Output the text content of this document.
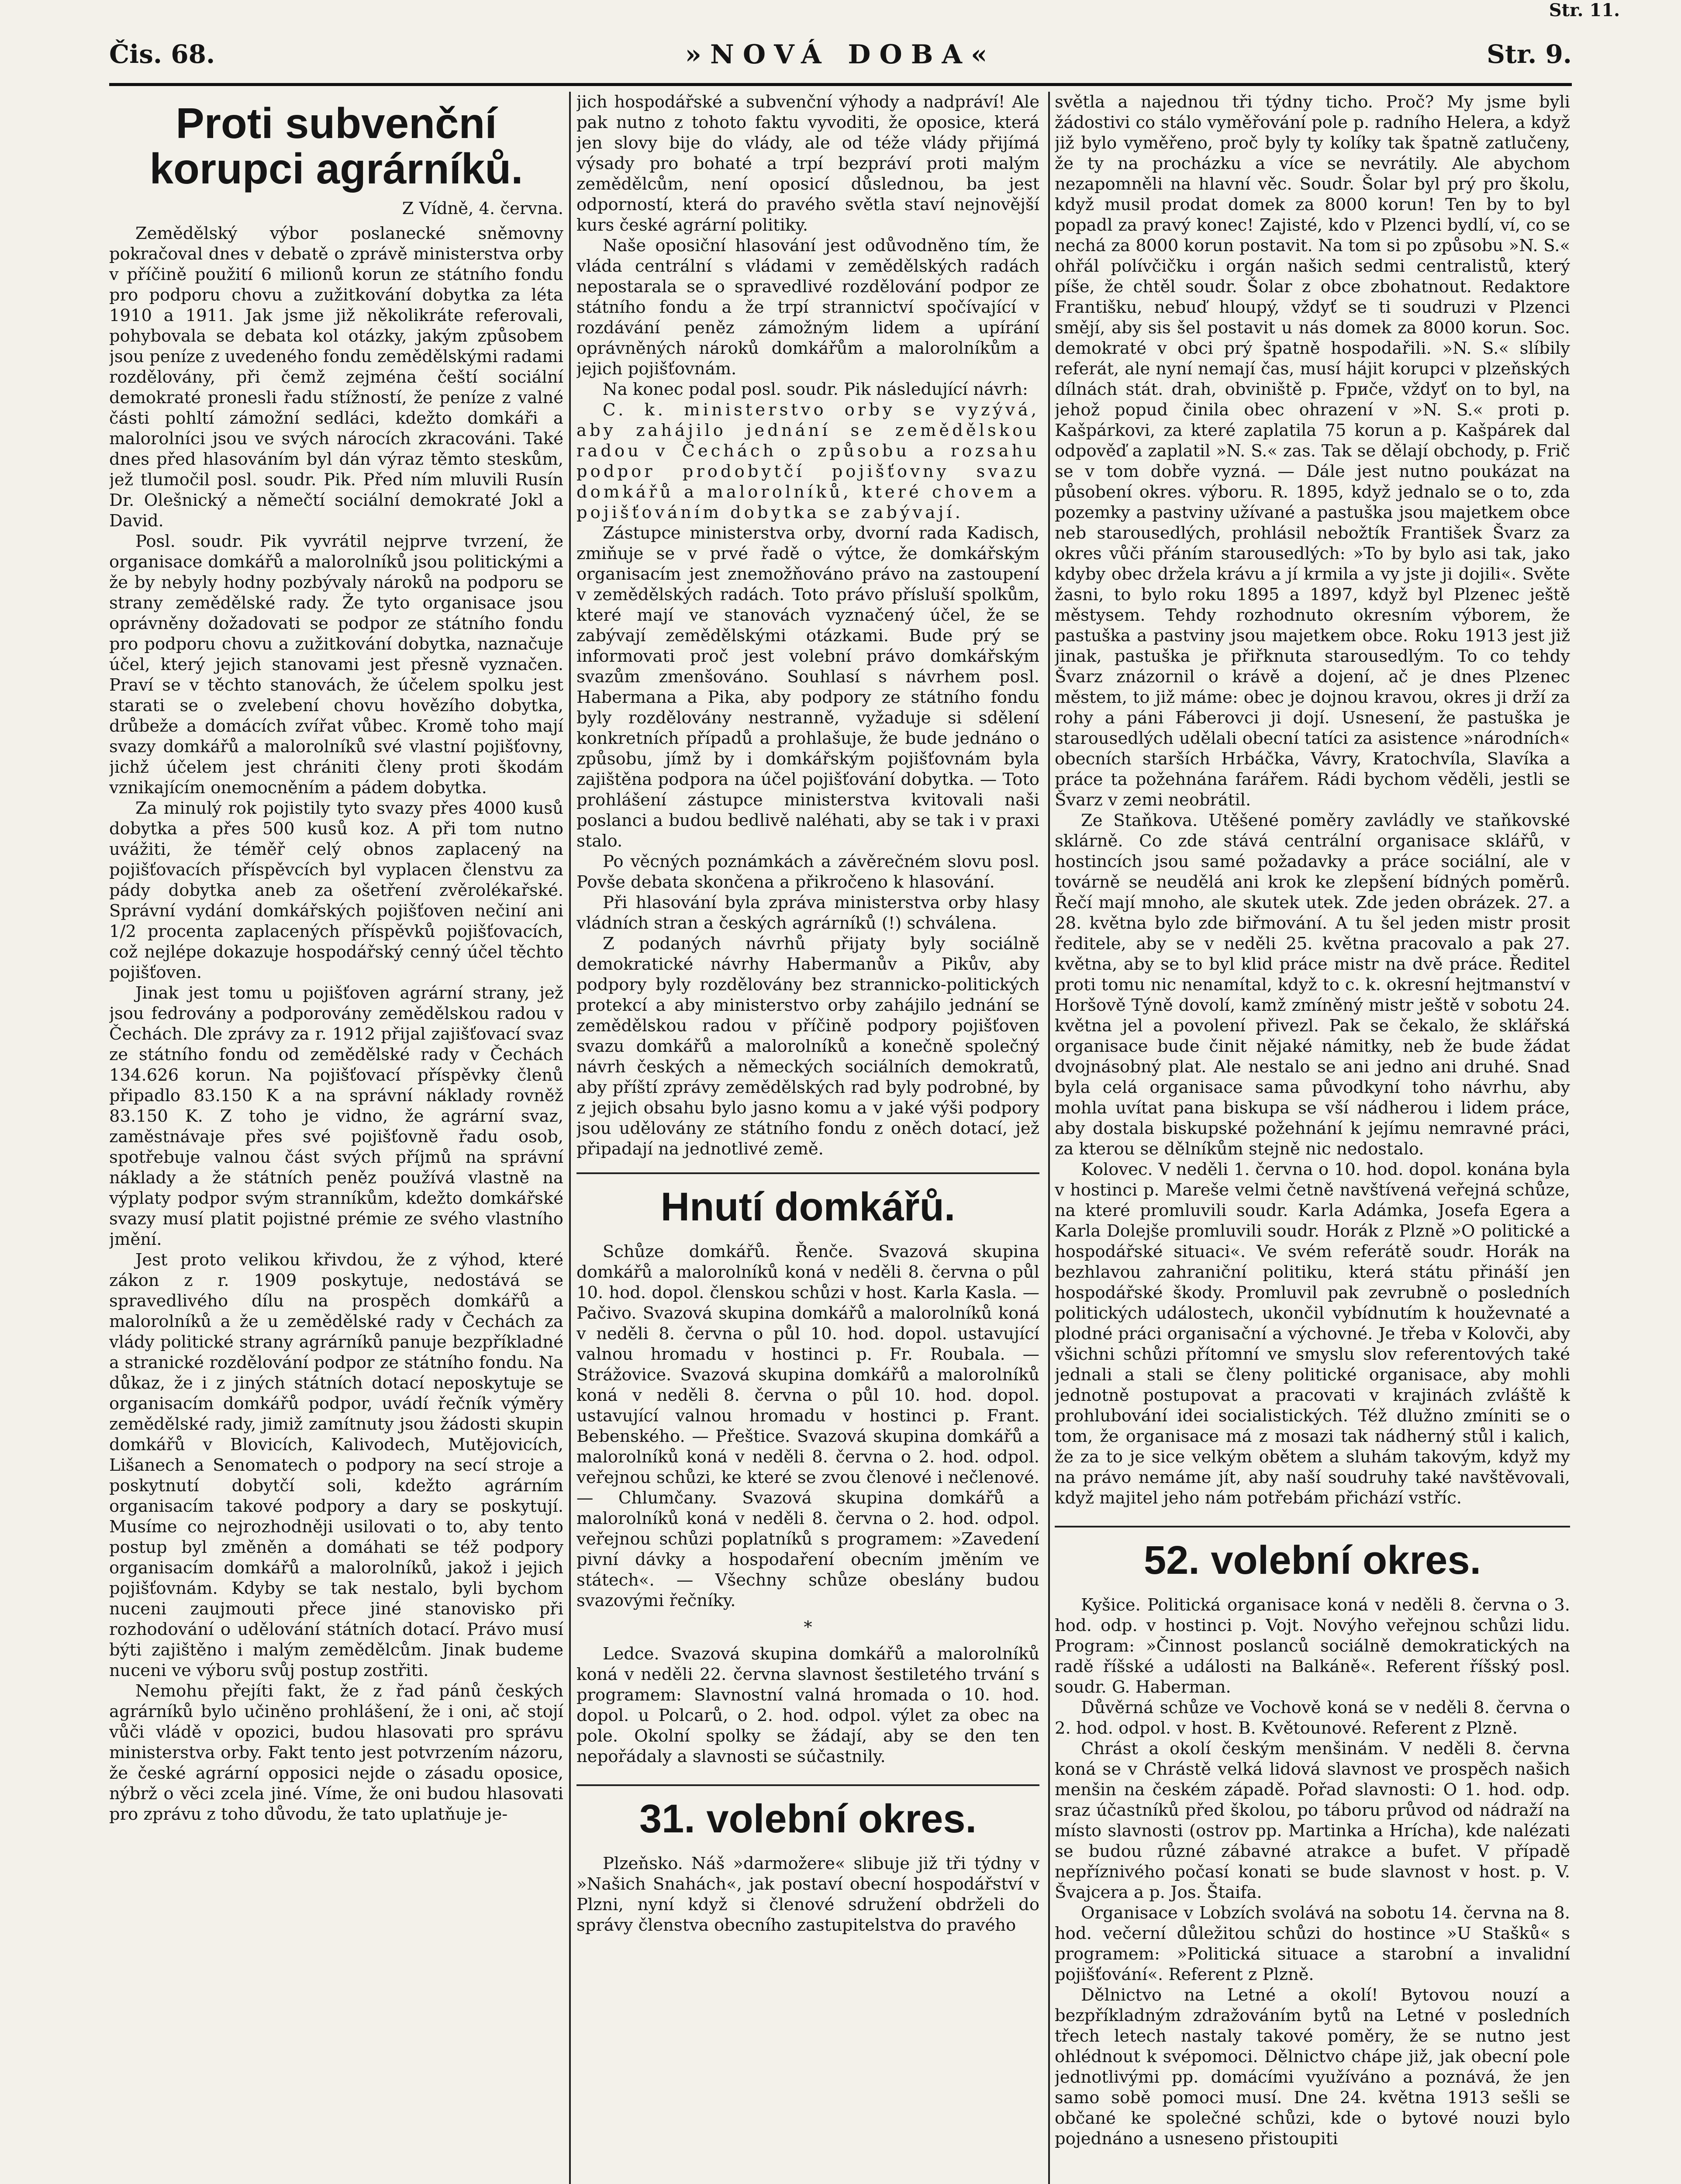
Str. 11.
Čis. 68.	»NOVÁ DOBA«	Str. 9.
Proti subvenční korupci agrárníků.
Z Vídně, 4. června.

Zemědělský výbor poslanecké sněmovny pokračoval dnes v debatě o zprávě ministerstva orby v příčině použití 6 milionů korun ze státního fondu pro podporu chovu a zužitkování dobytka za léta 1910 a 1911. Jak jsme již několikráte referovali, pohybovala se debata kol otázky, jakým způsobem jsou peníze z uvedeného fondu zemědělskými radami rozdělovány, při čemž zejména čeští sociální demokraté pronesli řadu stížností, že peníze z valné části pohltí zámožní sedláci, kdežto domkáři a malorolníci jsou ve svých nárocích zkracováni. Také dnes před hlasováním byl dán výraz těmto steskům, jež tlumočil posl. soudr. Pik. Před ním mluvili Rusín Dr. Olešnický a němečtí sociální demokraté Jokl a David.

Posl. soudr. Pik vyvrátil nejprve tvrzení, že organisace domkářů a malorolníků jsou politickými a že by nebyly hodny pozbývaly nároků na podporu se strany zemědělské rady. Že tyto organisace jsou oprávněny dožadovati se podpor ze státního fondu pro podporu chovu a zužitkování dobytka, naznačuje účel, který jejich stanovami jest přesně vyznačen. Praví se v těchto stanovách, že účelem spolku jest starati se o zvelebení chovu hovězího dobytka, drůbeže a domácích zvířat vůbec. Kromě toho mají svazy domkářů a malorolníků své vlastní pojišťovny, jichž účelem jest chrániti členy proti škodám vznikajícím onemocněním a pádem dobytka.

Za minulý rok pojistily tyto svazy přes 4000 kusů dobytka a přes 500 kusů koz. A při tom nutno uvážiti, že téměř celý obnos zaplacený na pojišťovacích příspěvcích byl vyplacen členstvu za pády dobytka aneb za ošetření zvěrolékařské. Správní vydání domkářských pojišťoven nečiní ani 1/2 procenta zaplacených příspěvků pojišťovacích, což nejlépe dokazuje hospodářský cenný účel těchto pojišťoven.

Jinak jest tomu u pojišťoven agrární strany, jež jsou fedrovány a podporovány zemědělskou radou v Čechách. Dle zprávy za r. 1912 přijal zajišťovací svaz ze státního fondu od zemědělské rady v Čechách 134.626 korun. Na pojišťovací příspěvky členů připadlo 83.150 K a na správní náklady rovněž 83.150 K. Z toho je vidno, že agrární svaz, zaměstnávaje přes své pojišťovně řadu osob, spotřebuje valnou část svých příjmů na správní náklady a že státních peněz používá vlastně na výplaty podpor svým stranníkům, kdežto domkářské svazy musí platit pojistné prémie ze svého vlastního jmění.

Jest proto velikou křivdou, že z výhod, které zákon z r. 1909 poskytuje, nedostává se spravedlivého dílu na prospěch domkářů a malorolníků a že u zemědělské rady v Čechách za vlády politické strany agrárníků panuje bezpříkladné a stranické rozdělování podpor ze státního fondu. Na důkaz, že i z jiných státních dotací neposkytuje se organisacím domkářů podpor, uvádí řečník výměry zemědělské rady, jimiž zamítnuty jsou žádosti skupin domkářů v Blovicích, Kalivodech, Mutějovicích, Lišanech a Senomatech o podpory na secí stroje a poskytnutí dobytčí soli, kdežto agrárním organisacím takové podpory a dary se poskytují. Musíme co nejrozhodněji usilovati o to, aby tento postup byl změněn a domáhati se též podpory organisacím domkářů a malorolníků, jakož i jejich pojišťovnám. Kdyby se tak nestalo, byli bychom nuceni zaujmouti přece jiné stanovisko při rozhodování o udělování státních dotací. Právo musí býti zajištěno i malým zemědělcům. Jinak budeme nuceni ve výboru svůj postup zostřiti.

Nemohu přejíti fakt, že z řad pánů českých agrárníků bylo učiněno prohlášení, že i oni, ač stojí vůči vládě v opozici, budou hlasovati pro správu ministerstva orby. Fakt tento jest potvrzením názoru, že české agrární opposici nejde o zásadu oposice, nýbrž o věci zcela jiné. Víme, že oni budou hlasovati pro zprávu z toho důvodu, že tato uplatňuje je-

jich hospodářské a subvenční výhody a nadpráví! Ale pak nutno z tohoto faktu vyvoditi, že oposice, která jen slovy bije do vlády, ale od téže vlády přijímá výsady pro bohaté a trpí bezpráví proti malým zemědělcům, není oposicí důslednou, ba jest odporností, která do pravého světla staví nejnovější kurs české agrární politiky.

Naše oposiční hlasování jest odůvodněno tím, že vláda centrální s vládami v zemědělských radách nepostarala se o spravedlivé rozdělování podpor ze státního fondu a že trpí strannictví spočívající v rozdávání peněz zámožným lidem a upírání oprávněných nároků domkářům a malorolníkům a jejich pojišťovnám.

Na konec podal posl. soudr. Pik následující návrh:

C. k. ministerstvo orby se vyzývá, aby zahájilo jednání se zemědělskou radou v Čechách o způsobu a rozsahu podpor prodobytčí pojišťovny svazu domkářů a malorolníků, které chovem a pojišťováním dobytka se zabývají.

Zástupce ministerstva orby, dvorní rada Kadisch, zmiňuje se v prvé řadě o výtce, že domkářským organisacím jest znemožňováno právo na zastoupení v zemědělských radách. Toto právo přísluší spolkům, které mají ve stanovách vyznačený účel, že se zabývají zemědělskými otázkami. Bude prý se informovati proč jest volební právo domkářským svazům zmenšováno. Souhlasí s návrhem posl. Habermana a Pika, aby podpory ze státního fondu byly rozdělovány nestranně, vyžaduje si sdělení konkretních případů a prohlašuje, že bude jednáno o způsobu, jímž by i domkářským pojišťovnám byla zajištěna podpora na účel pojišťování dobytka. — Toto prohlášení zástupce ministerstva kvitovali naši poslanci a budou bedlivě naléhati, aby se tak i v praxi stalo.

Po věcných poznámkách a závěrečném slovu posl. Povše debata skončena a přikročeno k hlasování.

Při hlasování byla zpráva ministerstva orby hlasy vládních stran a českých agrárníků (!) schválena.

Z podaných návrhů přijaty byly sociálně demokratické návrhy Habermanův a Pikův, aby podpory byly rozdělovány bez strannicko-politických protekcí a aby ministerstvo orby zahájilo jednání se zemědělskou radou v příčině podpory pojišťoven svazu domkářů a malorolníků a konečně společný návrh českých a německých sociálních demokratů, aby příští zprávy zemědělských rad byly podrobné, by z jejich obsahu bylo jasno komu a v jaké výši podpory jsou udělovány ze státního fondu z oněch dotací, jež připadají na jednotlivé země.

Hnutí domkářů.

Schůze domkářů. Řenče. Svazová skupina domkářů a malorolníků koná v neděli 8. června o půl 10. hod. dopol. členskou schůzi v host. Karla Kasla. — Pačivo. Svazová skupina domkářů a malorolníků koná v neděli 8. června o půl 10. hod. dopol. ustavující valnou hromadu v hostinci p. Fr. Roubala. — Strážovice. Svazová skupina domkářů a malorolníků koná v neděli 8. června o půl 10. hod. dopol. ustavující valnou hromadu v hostinci p. Frant. Bebenského. — Přeštice. Svazová skupina domkářů a malorolníků koná v neděli 8. června o 2. hod. odpol. veřejnou schůzi, ke které se zvou členové i nečlenové. — Chlumčany. Svazová skupina domkářů a malorolníků koná v neděli 8. června o 2. hod. odpol. veřejnou schůzi poplatníků s programem: »Zavedení pivní dávky a hospodaření obecním jměním ve státech«. — Všechny schůze obeslány budou svazovými řečníky.

*

Ledce. Svazová skupina domkářů a malorolníků koná v neděli 22. června slavnost šestiletého trvání s programem: Slavnostní valná hromada o 10. hod. dopol. u Polcarů, o 2. hod. odpol. výlet za obec na pole. Okolní spolky se žádají, aby se den ten nepořádaly a slavnosti se súčastnily.

31. volební okres.

Plzeňsko. Náš »darmožere« slibuje již tři týdny v »Našich Snahách«, jak postaví obecní hospodářství v Plzni, nyní když si členové sdružení obdrželi do správy členstva obecního zastupitelstva do pravého

světla a najednou tři týdny ticho. Proč? My jsme byli žádostivi co stálo vyměřování pole p. radního Helera, a když již bylo vyměřeno, proč byly ty kolíky tak špatně zatlučeny, že ty na procházku a více se nevrátily. Ale abychom nezapomněli na hlavní věc. Soudr. Šolar byl prý pro školu, když musil prodat domek za 8000 korun! Ten by to byl popadl za pravý konec! Zajisté, kdo v Plzenci bydlí, ví, co se nechá za 8000 korun postavit. Na tom si po způsobu »N. S.« ohřál polívčičku i orgán našich sedmi centralistů, který píše, že chtěl soudr. Šolar z obce zbohatnout. Redaktore Františku, nebuď hloupý, vždyť se ti soudruzi v Plzenci smějí, aby sis šel postavit u nás domek za 8000 korun. Soc. demokraté v obci prý špatně hospodařili. »N. S.« slíbily referát, ale nyní nemají čas, musí hájit korupci v plzeňských dílnách stát. drah, obviniště p. Fриčе, vždyť on to byl, na jehož popud činila obec ohrazení v »N. S.« proti p. Kašpárkovi, za které zaplatila 75 korun a p. Kašpárek dal odpověď a zaplatil »N. S.« zas. Tak se dělají obchody, p. Frič se v tom dobře vyzná. — Dále jest nutno poukázat na působení okres. výboru. R. 1895, když jednalo se o to, zda pozemky a pastviny užívané a pastuška jsou majetkem obce neb starousedlých, prohlásil nebožtík František Švarz za okres vůči přáním starousedlých: »To by bylo asi tak, jako kdyby obec držela krávu a jí krmila a vy jste ji dojili«. Světe žasni, to bylo roku 1895 a 1897, když byl Plzenec ještě městysem. Tehdy rozhodnuto okresním výborem, že pastuška a pastviny jsou majetkem obce. Roku 1913 jest již jinak, pastuška je přiřknuta starousedlým. To co tehdy Švarz znázornil o krávě a dojení, ač je dnes Plzenec městem, to již máme: obec je dojnou kravou, okres ji drží za rohy a páni Fáberovci ji dojí. Usnesení, že pastuška je starousedlých udělali obecní tatíci za asistence »národních« obecních starších Hrbáčka, Vávry, Kratochvíla, Slavíka a práce ta požehnána farářem. Rádi bychom věděli, jestli se Švarz v zemi neobrátil.

Ze Staňkova. Utěšené poměry zavládly ve staňkovské sklárně. Co zde stává centrální organisace sklářů, v hostincích jsou samé požadavky a práce sociální, ale v továrně se neudělá ani krok ke zlepšení bídných poměrů. Řečí mají mnoho, ale skutek utek. Zde jeden obrázek. 27. a 28. května bylo zde biřmování. A tu šel jeden mistr prosit ředitele, aby se v neděli 25. května pracovalo a pak 27. května, aby se to byl klid práce mistr na dvě práce. Ředitel proti tomu nic nenamítal, když to c. k. okresní hejtmanství v Horšově Týně dovolí, kamž zmíněný mistr ještě v sobotu 24. května jel a povolení přivezl. Pak se čekalo, že sklářská organisace bude činit nějaké námitky, neb že bude žádat dvojnásobný plat. Ale nestalo se ani jedno ani druhé. Snad byla celá organisace sama původkyní toho návrhu, aby mohla uvítat pana biskupa se vší nádherou i lidem práce, aby dostala biskupské požehnání k jejímu nemravné práci, za kterou se dělníkům stejně nic nedostalo.

Kolovec. V neděli 1. června o 10. hod. dopol. konána byla v hostinci p. Mareše velmi četně navštívená veřejná schůze, na které promluvili soudr. Karla Adámka, Josefa Egera a Karla Dolejše promluvili soudr. Horák z Plzně »O politické a hospodářské situaci«. Ve svém referátě soudr. Horák na bezhlavou zahraniční politiku, která státu přináší jen hospodářské škody. Promluvil pak zevrubně o posledních politických událostech, ukončil vybídnutím k houževnaté a plodné práci organisační a výchovné. Je třeba v Kolovči, aby všichni schůzi přítomní ve smyslu slov referentových také jednali a stali se členy politické organisace, aby mohli jednotně postupovat a pracovati v krajinách zvláště k prohlubování idei socialistických. Též dlužno zmíniti se o tom, že organisace má z mosazi tak nádherný stůl i kalich, že za to je sice velkým obětem a sluhám takovým, když my na právo nemáme jít, aby naší soudruhy také navštěvovali, když majitel jeho nám potřebám přichází vstříc.

52. volební okres.

Kyšice. Politická organisace koná v neděli 8. června o 3. hod. odp. v hostinci p. Vojt. Novýho veřejnou schůzi lidu. Program: »Činnost poslanců sociálně demokratických na radě říšské a události na Balkáně«. Referent říšský posl. soudr. G. Haberman.

Důvěrná schůze ve Vochově koná se v neděli 8. června o 2. hod. odpol. v host. B. Květounové. Referent z Plzně.

Chrást a okolí českým menšinám. V neděli 8. června koná se v Chrástě velká lidová slavnost ve prospěch našich menšin na českém západě. Pořad slavnosti: O 1. hod. odp. sraz účastníků před školou, po táboru průvod od nádraží na místo slavnosti (ostrov pp. Martinka a Hrícha), kde nalézati se budou různé zábavné atrakce a bufet. V případě nepříznivého počasí konati se bude slavnost v host. p. V. Švajcera a p. Jos. Štaifa.

Organisace v Lobzích svolává na sobotu 14. června na 8. hod. večerní důležitou schůzi do hostince »U Stašků« s programem: »Politická situace a starobní a invalidní pojišťování«. Referent z Plzně.

Dělnictvo na Letné a okolí! Bytovou nouzí a bezpříkladným zdražováním bytů na Letné v posledních třech letech nastaly takové poměry, že se nutno jest ohlédnout k svépomoci. Dělnictvo chápe již, jak obecní pole jednotlivými pp. domácími využíváno a poznává, že jen samo sobě pomoci musí. Dne 24. května 1913 sešli se občané ke společné schůzi, kde o bytové nouzi bylo pojednáno a usneseno přistoupiti
